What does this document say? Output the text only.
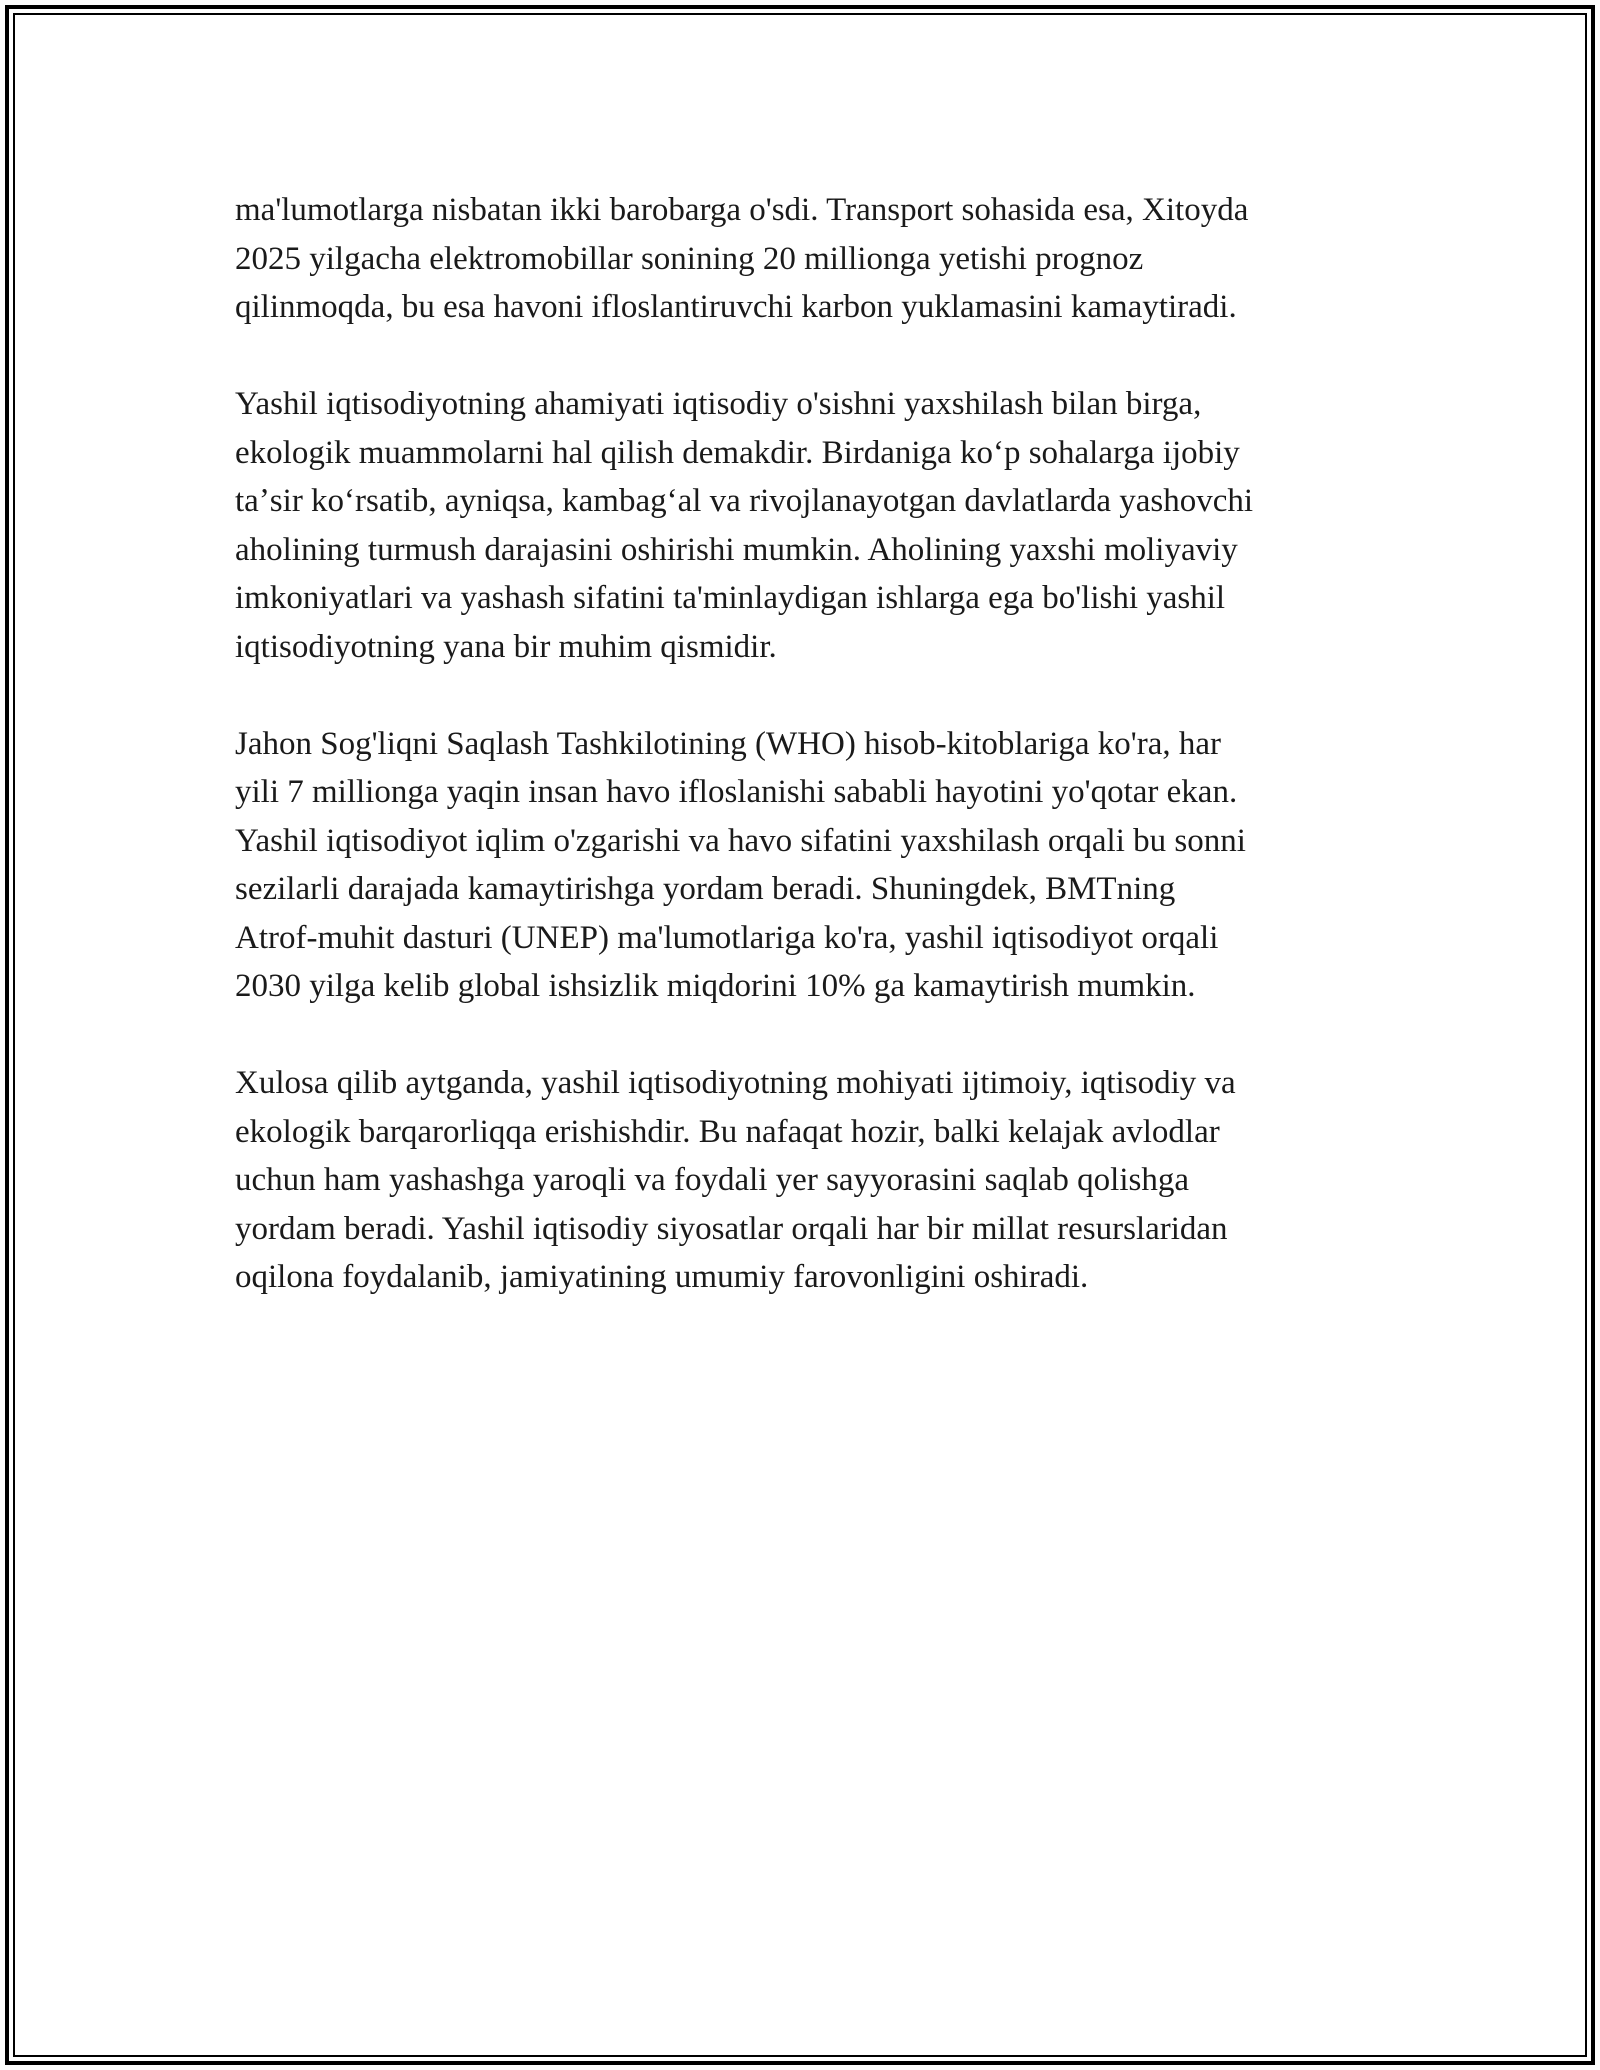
ma'lumotlarga nisbatan ikki barobarga o'sdi. Transport sohasida esa, Xitoyda
2025 yilgacha elektromobillar sonining 20 millionga yetishi prognoz
qilinmoqda, bu esa havoni ifloslantiruvchi karbon yuklamasini kamaytiradi.

Yashil iqtisodiyotning ahamiyati iqtisodiy o'sishni yaxshilash bilan birga,
ekologik muammolarni hal qilish demakdir. Birdaniga koʻp sohalarga ijobiy
taʼsir koʻrsatib, ayniqsa, kambagʻal va rivojlanayotgan davlatlarda yashovchi
aholining turmush darajasini oshirishi mumkin. Aholining yaxshi moliyaviy
imkoniyatlari va yashash sifatini ta'minlaydigan ishlarga ega bo'lishi yashil
iqtisodiyotning yana bir muhim qismidir.

Jahon Sog'liqni Saqlash Tashkilotining (WHO) hisob-kitoblariga ko'ra, har
yili 7 millionga yaqin insan havo ifloslanishi sababli hayotini yo'qotar ekan.
Yashil iqtisodiyot iqlim o'zgarishi va havo sifatini yaxshilash orqali bu sonni
sezilarli darajada kamaytirishga yordam beradi. Shuningdek, BMTning
Atrof-muhit dasturi (UNEP) ma'lumotlariga ko'ra, yashil iqtisodiyot orqali
2030 yilga kelib global ishsizlik miqdorini 10% ga kamaytirish mumkin.

Xulosa qilib aytganda, yashil iqtisodiyotning mohiyati ijtimoiy, iqtisodiy va
ekologik barqarorliqqa erishishdir. Bu nafaqat hozir, balki kelajak avlodlar
uchun ham yashashga yaroqli va foydali yer sayyorasini saqlab qolishga
yordam beradi. Yashil iqtisodiy siyosatlar orqali har bir millat resurslaridan
oqilona foydalanib, jamiyatining umumiy farovonligini oshiradi.
